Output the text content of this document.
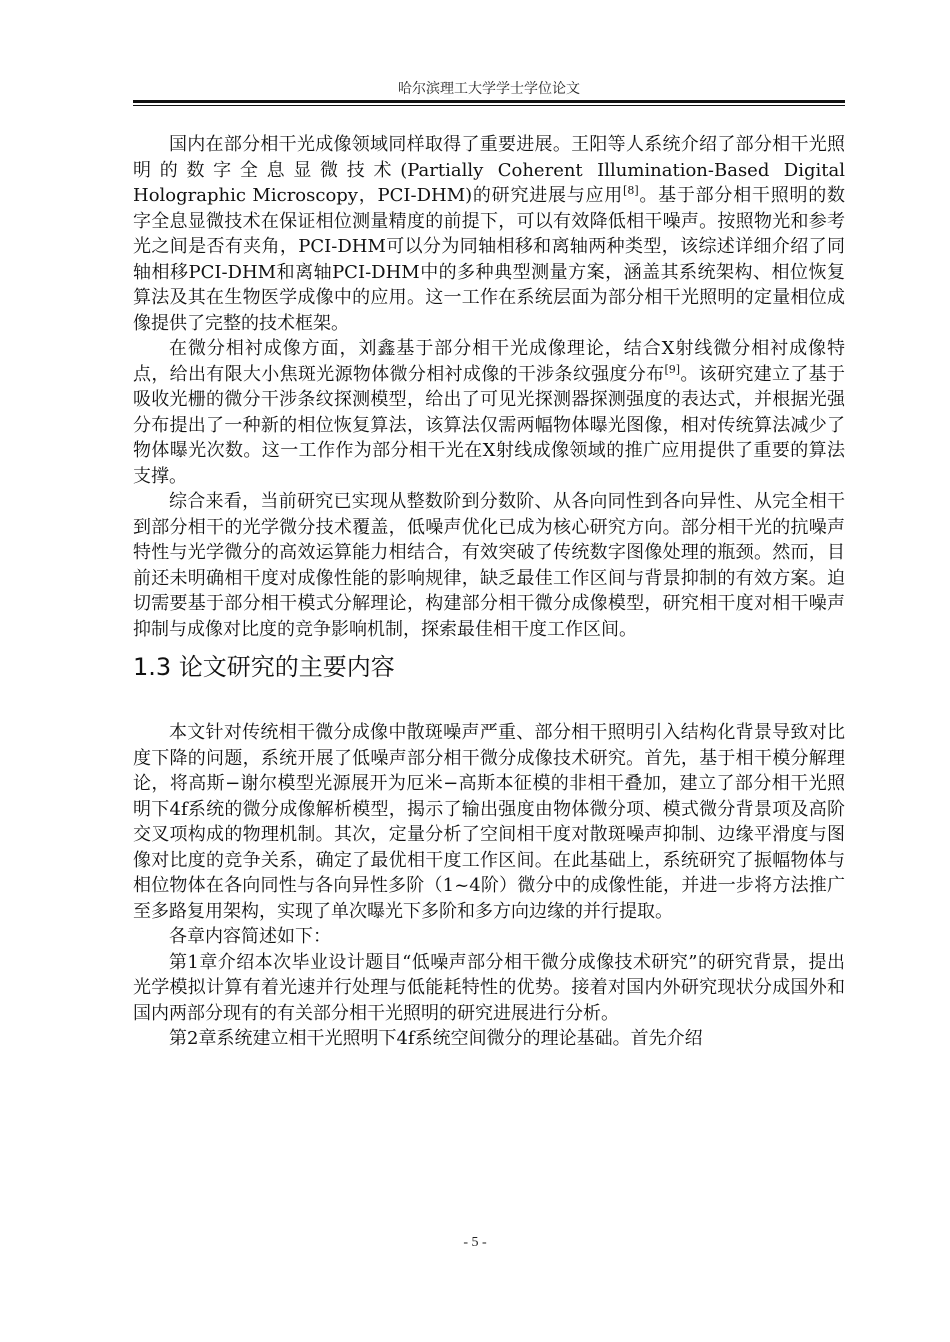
哈尔滨理工大学学士学位论文

国内在部分相干光成像领域同样取得了重要进展。王阳等人系统介绍了部分相干光照明的数字全息显微技术(Partially Coherent Illumination-Based Digital Holographic Microscopy，PCI-DHM)的研究进展与应用[8]。基于部分相干照明的数字全息显微技术在保证相位测量精度的前提下，可以有效降低相干噪声。按照物光和参考光之间是否有夹角，PCI-DHM可以分为同轴相移和离轴两种类型，该综述详细介绍了同轴相移PCI-DHM和离轴PCI-DHM中的多种典型测量方案，涵盖其系统架构、相位恢复算法及其在生物医学成像中的应用。这一工作在系统层面为部分相干光照明的定量相位成像提供了完整的技术框架。

在微分相衬成像方面，刘鑫基于部分相干光成像理论，结合X射线微分相衬成像特点，给出有限大小焦斑光源物体微分相衬成像的干涉条纹强度分布[9]。该研究建立了基于吸收光栅的微分干涉条纹探测模型，给出了可见光探测器探测强度的表达式，并根据光强分布提出了一种新的相位恢复算法，该算法仅需两幅物体曝光图像，相对传统算法减少了物体曝光次数。这一工作作为部分相干光在X射线成像领域的推广应用提供了重要的算法支撑。

综合来看，当前研究已实现从整数阶到分数阶、从各向同性到各向异性、从完全相干到部分相干的光学微分技术覆盖，低噪声优化已成为核心研究方向。部分相干光的抗噪声特性与光学微分的高效运算能力相结合，有效突破了传统数字图像处理的瓶颈。然而，目前还未明确相干度对成像性能的影响规律，缺乏最佳工作区间与背景抑制的有效方案。迫切需要基于部分相干模式分解理论，构建部分相干微分成像模型，研究相干度对相干噪声抑制与成像对比度的竞争影响机制，探索最佳相干度工作区间。

1.3 论文研究的主要内容

本文针对传统相干微分成像中散斑噪声严重、部分相干照明引入结构化背景导致对比度下降的问题，系统开展了低噪声部分相干微分成像技术研究。首先，基于相干模分解理论，将高斯−谢尔模型光源展开为厄米−高斯本征模的非相干叠加，建立了部分相干光照明下4f系统的微分成像解析模型，揭示了输出强度由物体微分项、模式微分背景项及高阶交叉项构成的物理机制。其次，定量分析了空间相干度对散斑噪声抑制、边缘平滑度与图像对比度的竞争关系，确定了最优相干度工作区间。在此基础上，系统研究了振幅物体与相位物体在各向同性与各向异性多阶（1~4阶）微分中的成像性能，并进一步将方法推广至多路复用架构，实现了单次曝光下多阶和多方向边缘的并行提取。

各章内容简述如下：

第1章介绍本次毕业设计题目“低噪声部分相干微分成像技术研究”的研究背景，提出光学模拟计算有着光速并行处理与低能耗特性的优势。接着对国内外研究现状分成国外和国内两部分现有的有关部分相干光照明的研究进展进行分析。

第2章系统建立相干光照明下4f系统空间微分的理论基础。首先介绍

- 5 -
